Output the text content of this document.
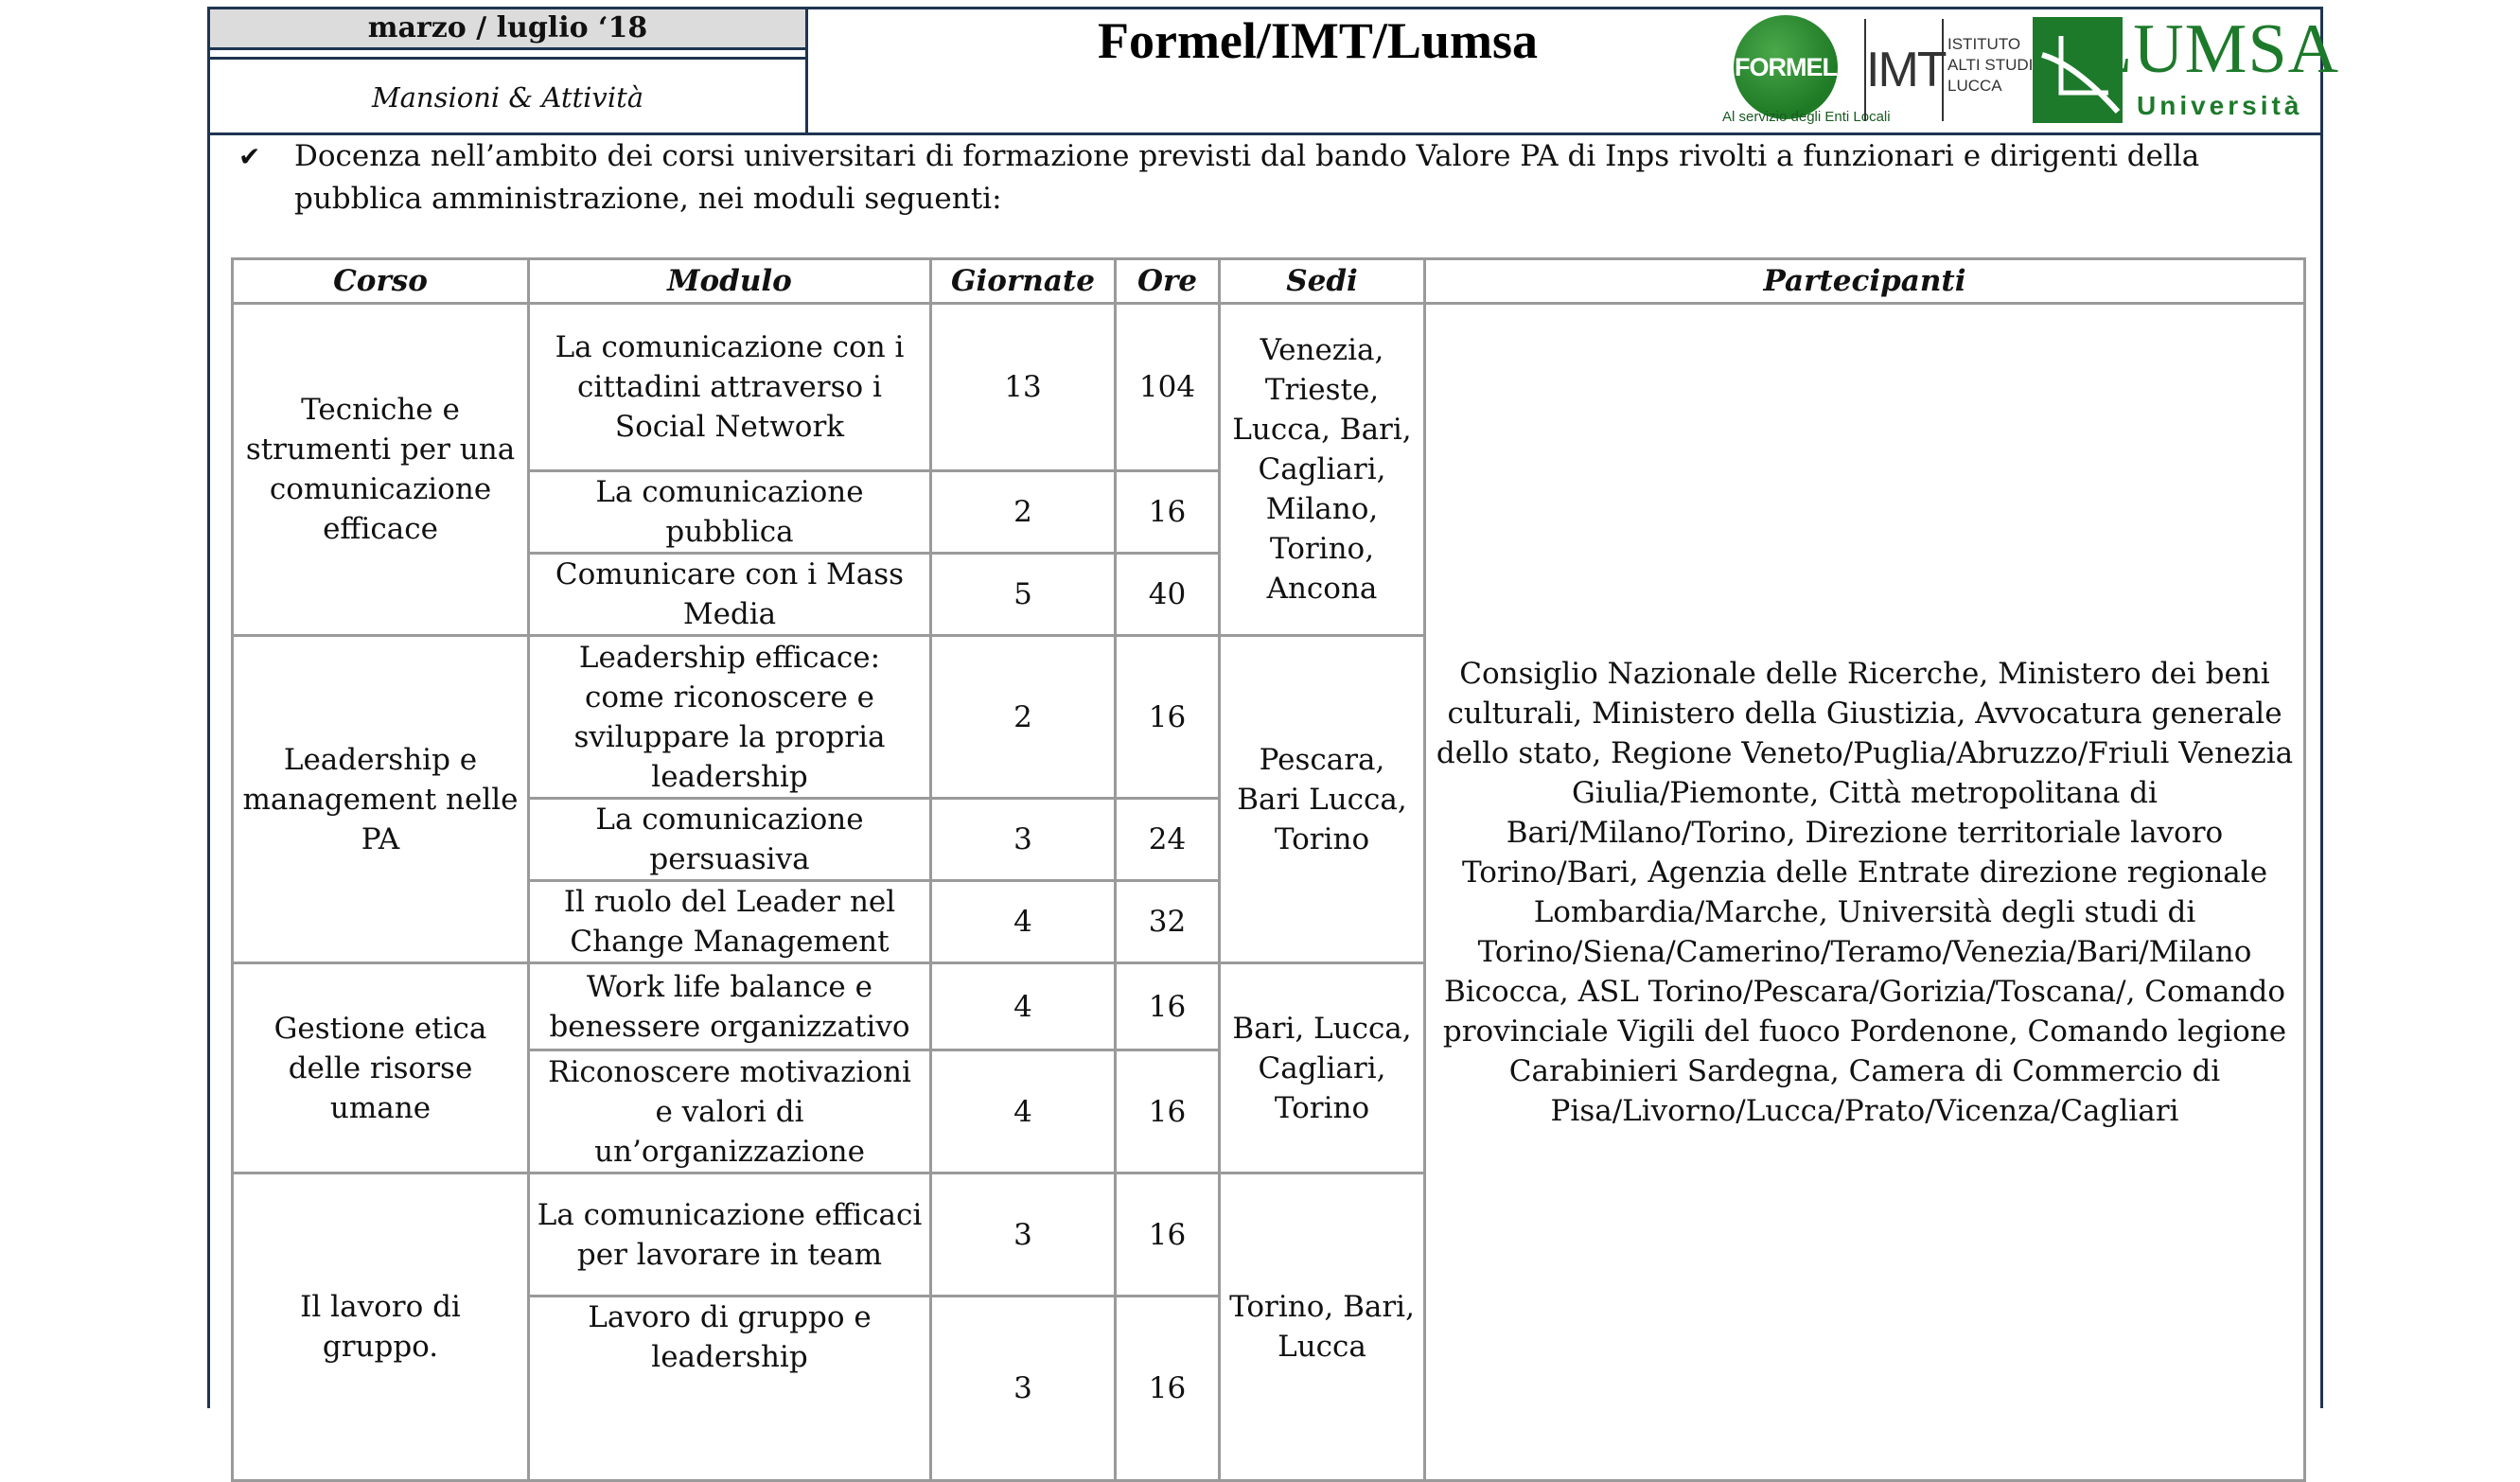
marzo / luglio ‘18
Mansioni & Attività
Formel/IMT/Lumsa	FORMEL
Al servizio degli Enti Locali
IMT ISTITUTO
ALTI STUDI
LUCCA	LUMSA
Università
✔ Docenza nell’ambito dei corsi universitari di formazione previsti dal bando Valore PA di Inps rivolti a funzionari e dirigenti della pubblica amministrazione, nei moduli seguenti:
Corso	Modulo	Giornate	Ore	Sedi	Partecipanti
Tecniche e strumenti per una comunicazione efficace	La comunicazione con i cittadini attraverso i Social Network	13	104	Venezia, Trieste, Lucca, Bari, Cagliari, Milano, Torino, Ancona	Consiglio Nazionale delle Ricerche, Ministero dei beni culturali, Ministero della Giustizia, Avvocatura generale dello stato, Regione Veneto/Puglia/Abruzzo/Friuli Venezia Giulia/Piemonte, Città metropolitana di Bari/Milano/Torino, Direzione territoriale lavoro Torino/Bari, Agenzia delle Entrate direzione regionale Lombardia/Marche, Università degli studi di Torino/Siena/Camerino/Teramo/Venezia/Bari/Milano Bicocca, ASL Torino/Pescara/Gorizia/Toscana/, Comando provinciale Vigili del fuoco Pordenone, Comando legione Carabinieri Sardegna, Camera di Commercio di Pisa/Livorno/Lucca/Prato/Vicenza/Cagliari
	La comunicazione pubblica	2	16		
	Comunicare con i Mass Media	5	40		
Leadership e management nelle PA	Leadership efficace: come riconoscere e sviluppare la propria leadership	2	16	Pescara, Bari Lucca, Torino	
	La comunicazione persuasiva	3	24		
	Il ruolo del Leader nel Change Management	4	32		
Gestione etica delle risorse umane	Work life balance e benessere organizzativo	4	16	Bari, Lucca, Cagliari, Torino	
	Riconoscere motivazioni e valori di un’organizzazione	4	16		
Il lavoro di gruppo.	La comunicazione efficaci per lavorare in team	3	16	Torino, Bari, Lucca	
	Lavoro di gruppo e leadership	3	16		
